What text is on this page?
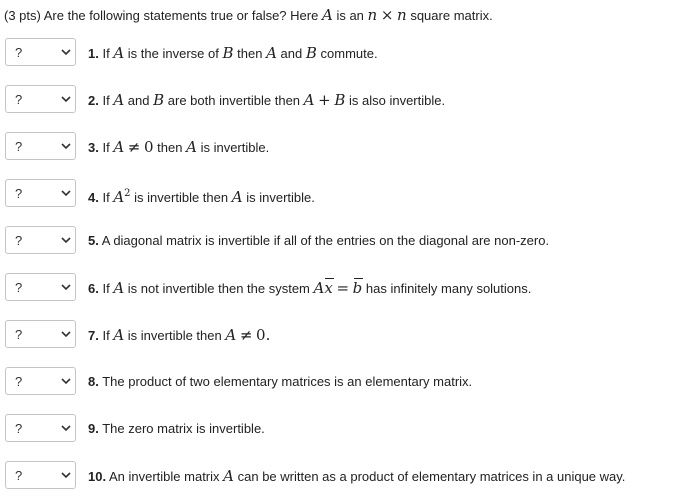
(3 pts) Are the following statements true or false? Here A is an n × n square matrix.
?	1. If A is the inverse of B then A and B commute.
?	2. If A and B are both invertible then A + B is also invertible.
?	3. If A ≠ 0 then A is invertible.
?	4. If $A^2$ is invertible then A is invertible.
?	5. A diagonal matrix is invertible if all of the entries on the diagonal are non-zero.
?	6. If A is not invertible then the system Ax = b has infinitely many solutions.
?	7. If A is invertible then A ≠ 0.
?	8. The product of two elementary matrices is an elementary matrix.
?	9. The zero matrix is invertible.
?	10. An invertible matrix A can be written as a product of elementary matrices in a unique way.
